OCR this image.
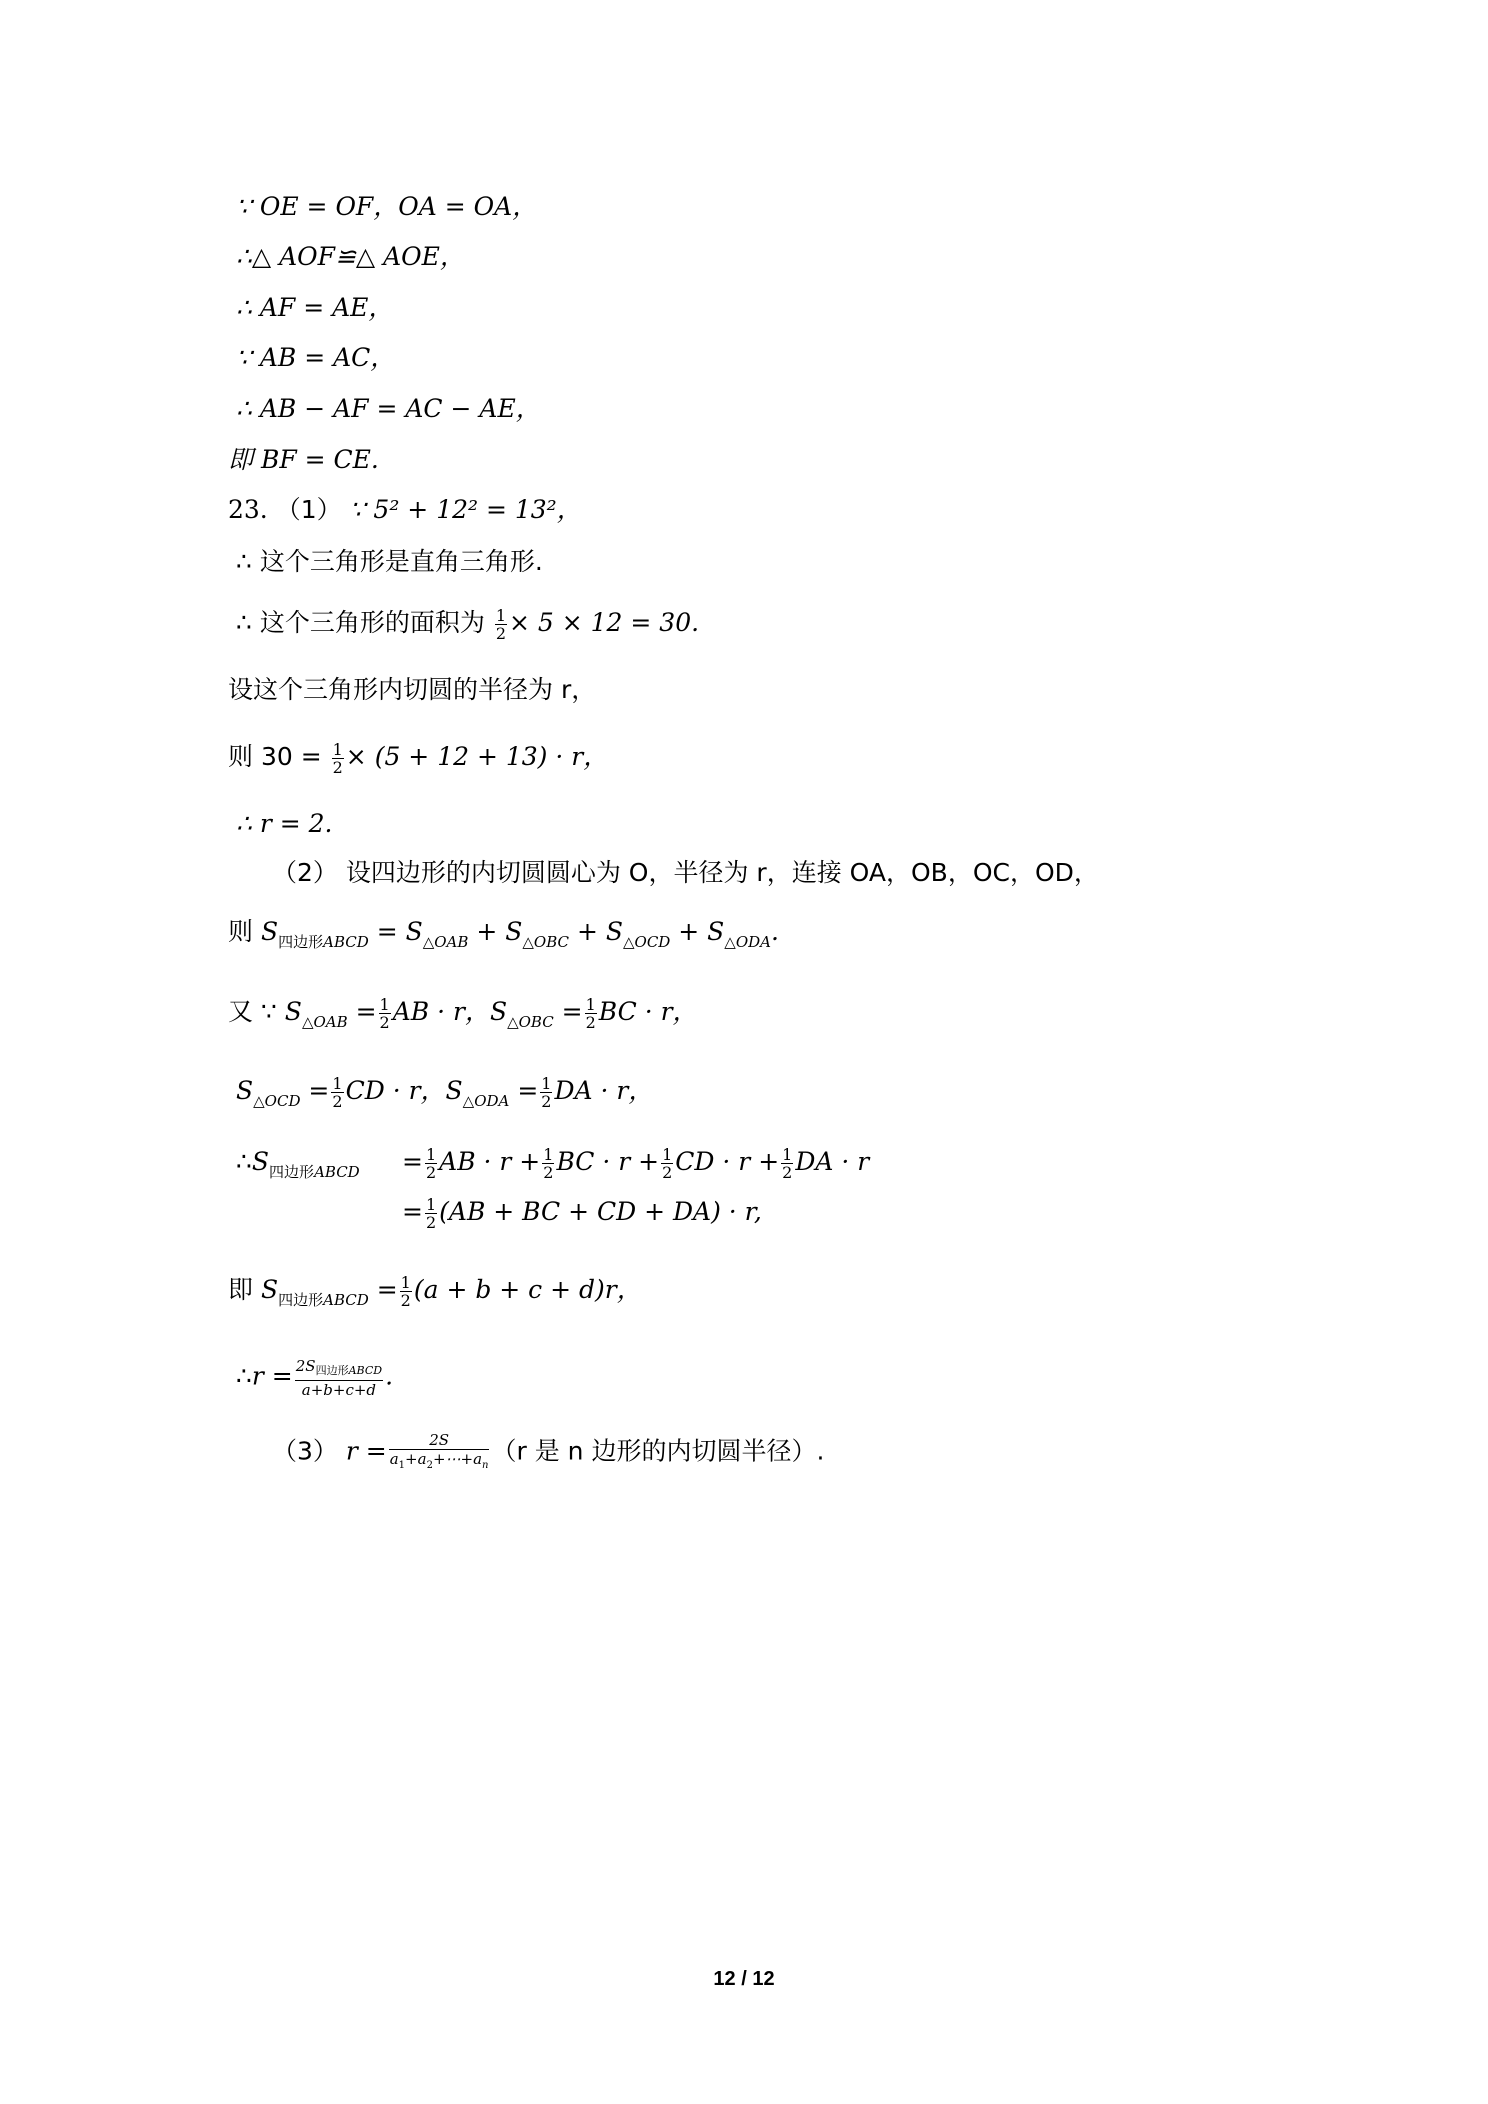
∵ OE = OF，OA = OA，
∴△ AOF≌△ AOE，
∴ AF = AE，
∵ AB = AC，
∴ AB − AF = AC − AE，
即 BF = CE.
23. （1） ∵ 5² + 12² = 13²，
∴ 这个三角形是直角三角形.
∴ 这个三角形的面积为 $\frac{1}{2} \times 5 \times 12 = 30$.
设这个三角形内切圆的半径为 r，
则 $30 = \frac{1}{2} \times (5 + 12 + 13) \cdot r$，
∴ r = 2.
（2） 设四边形的内切圆圆心为 O，半径为 r，连接 OA，OB，OC，OD，
则 $S_{四边形ABCD} = S_{\triangle OAB} + S_{\triangle OBC} + S_{\triangle OCD} + S_{\triangle ODA}$.
又 ∵ $S_{\triangle OAB} = \frac{1}{2}$ AB · r，$S_{\triangle OBC} = \frac{1}{2}$ BC · r，
$S_{\triangle OCD} = \frac{1}{2}$ CD · r，$S_{\triangle ODA} = \frac{1}{2}$ DA · r，
$\therefore S_{四边形ABCD} = \frac{1}{2}$ AB · $r + \frac{1}{2}$ BC · $r + \frac{1}{2}$ CD · $r + \frac{1}{2}$ DA · r
= $\frac{1}{2} (AB$ + BC + CD + DA) · r,
即 $S_{四边形ABCD} = \frac{1}{2} (a + b + c + d)r$，
∴r = $\frac{2S_{四边形ABCD}}{a+b+c+d}$ .
（3） $r = \frac{2S}{a_1+a_2+\cdots+a_n} (r$ 是 n 边形的内切圆半径）.
12 / 12
